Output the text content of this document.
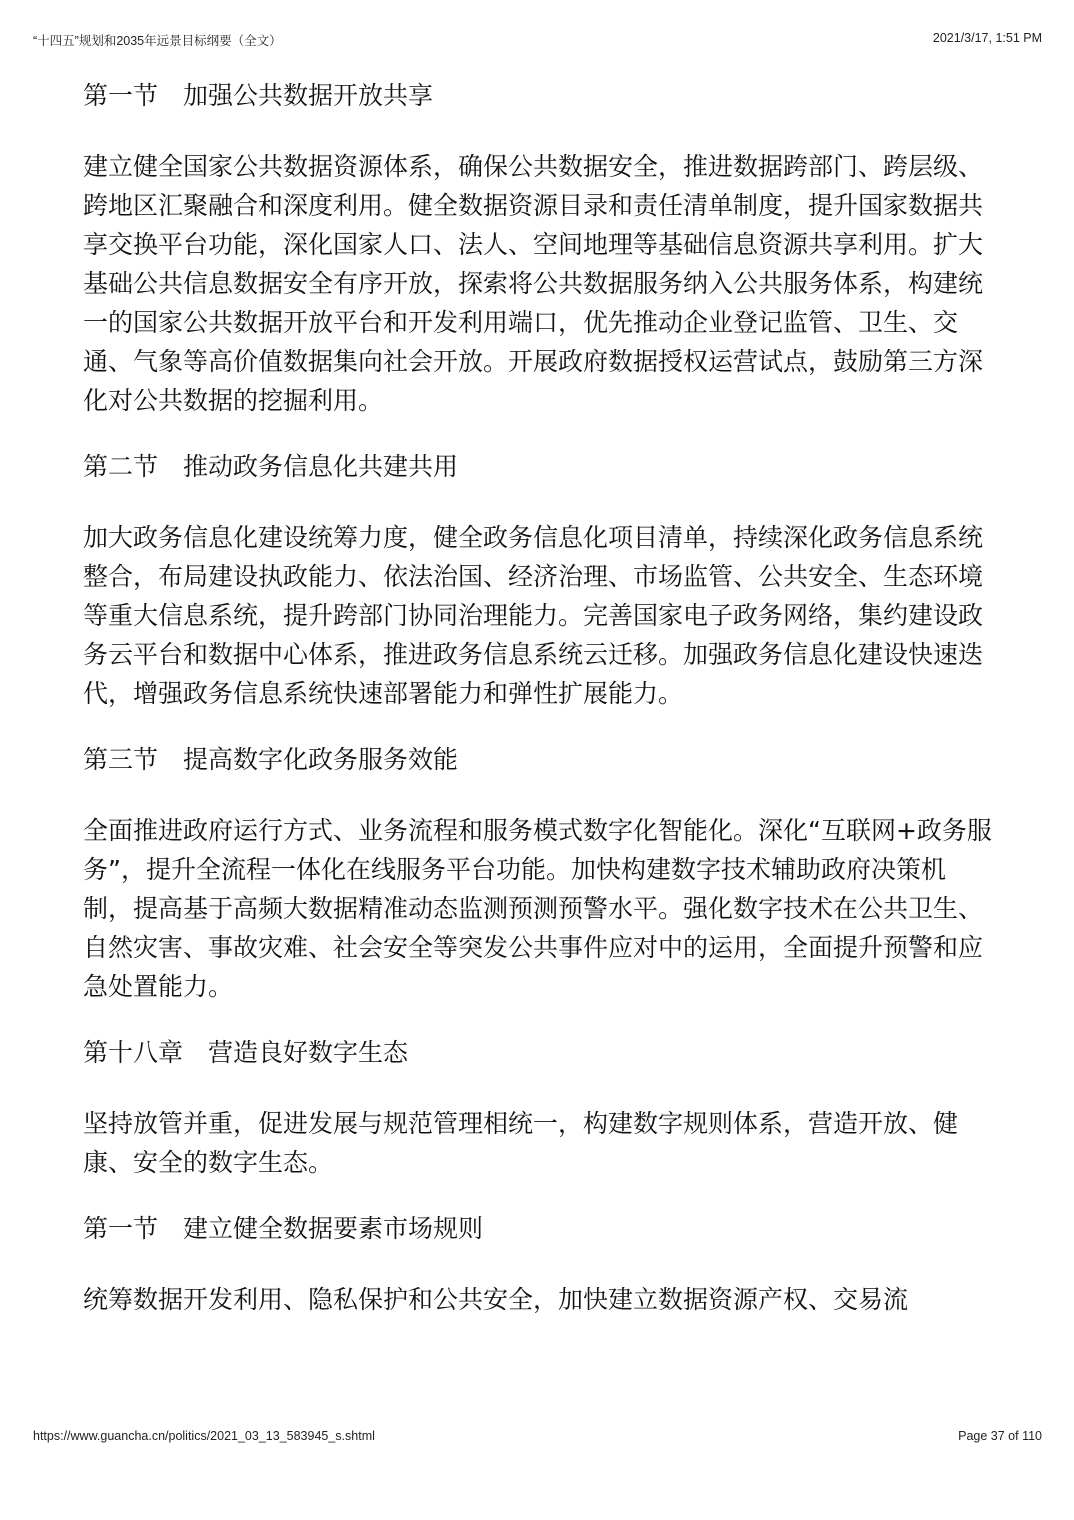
“十四五”规划和2035年远景目标纲要（全文）	2021/3/17, 1:51 PM
第一节　加强公共数据开放共享

建立健全国家公共数据资源体系，确保公共数据安全，推进数据跨部门、跨层级、跨地区汇聚融合和深度利用。健全数据资源目录和责任清单制度，提升国家数据共享交换平台功能，深化国家人口、法人、空间地理等基础信息资源共享利用。扩大基础公共信息数据安全有序开放，探索将公共数据服务纳入公共服务体系，构建统一的国家公共数据开放平台和开发利用端口，优先推动企业登记监管、卫生、交通、气象等高价值数据集向社会开放。开展政府数据授权运营试点，鼓励第三方深化对公共数据的挖掘利用。

第二节　推动政务信息化共建共用

加大政务信息化建设统筹力度，健全政务信息化项目清单，持续深化政务信息系统整合，布局建设执政能力、依法治国、经济治理、市场监管、公共安全、生态环境等重大信息系统，提升跨部门协同治理能力。完善国家电子政务网络，集约建设政务云平台和数据中心体系，推进政务信息系统云迁移。加强政务信息化建设快速迭代，增强政务信息系统快速部署能力和弹性扩展能力。

第三节　提高数字化政务服务效能

全面推进政府运行方式、业务流程和服务模式数字化智能化。深化“互联网+政务服务”，提升全流程一体化在线服务平台功能。加快构建数字技术辅助政府决策机制，提高基于高频大数据精准动态监测预测预警水平。强化数字技术在公共卫生、自然灾害、事故灾难、社会安全等突发公共事件应对中的运用，全面提升预警和应急处置能力。

第十八章　营造良好数字生态

坚持放管并重，促进发展与规范管理相统一，构建数字规则体系，营造开放、健康、安全的数字生态。

第一节　建立健全数据要素市场规则

统筹数据开发利用、隐私保护和公共安全，加快建立数据资源产权、交易流

https://www.guancha.cn/politics/2021_03_13_583945_s.shtml	Page 37 of 110
